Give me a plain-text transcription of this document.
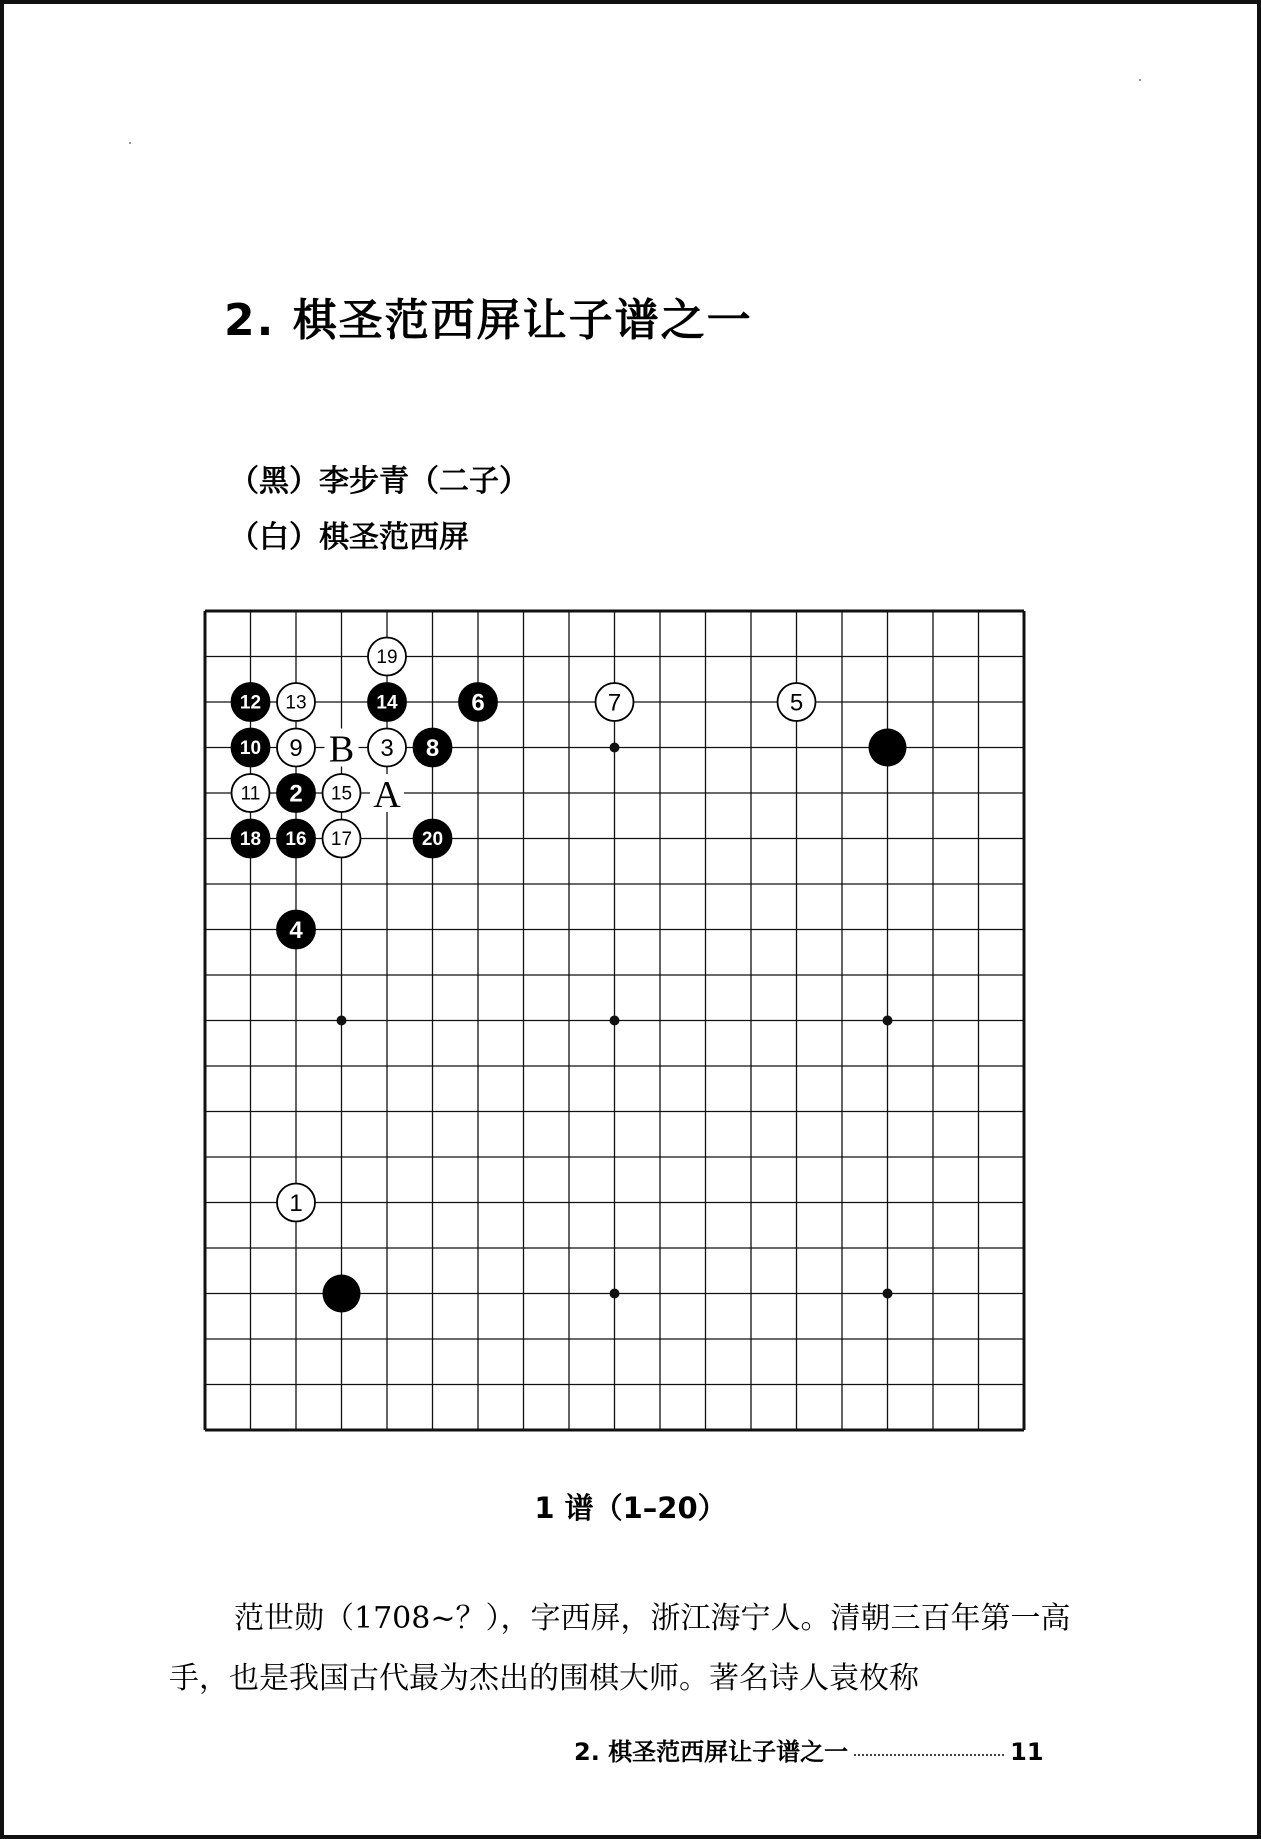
2. 棋圣范西屏让子谱之一
（黑）李步青（二子）
（白）棋圣范西屏
1
2
3
4
5
6	7
8
9
10
11
12 13	14
15
16 17
18
19
20
A
B
1 谱（1–20）

范世勋（1708~？），字西屏，浙江海宁人。清朝三百年第一高手，也是我国古代最为杰出的围棋大师。著名诗人袁枚称

2. 棋圣范西屏让子谱之一	11
